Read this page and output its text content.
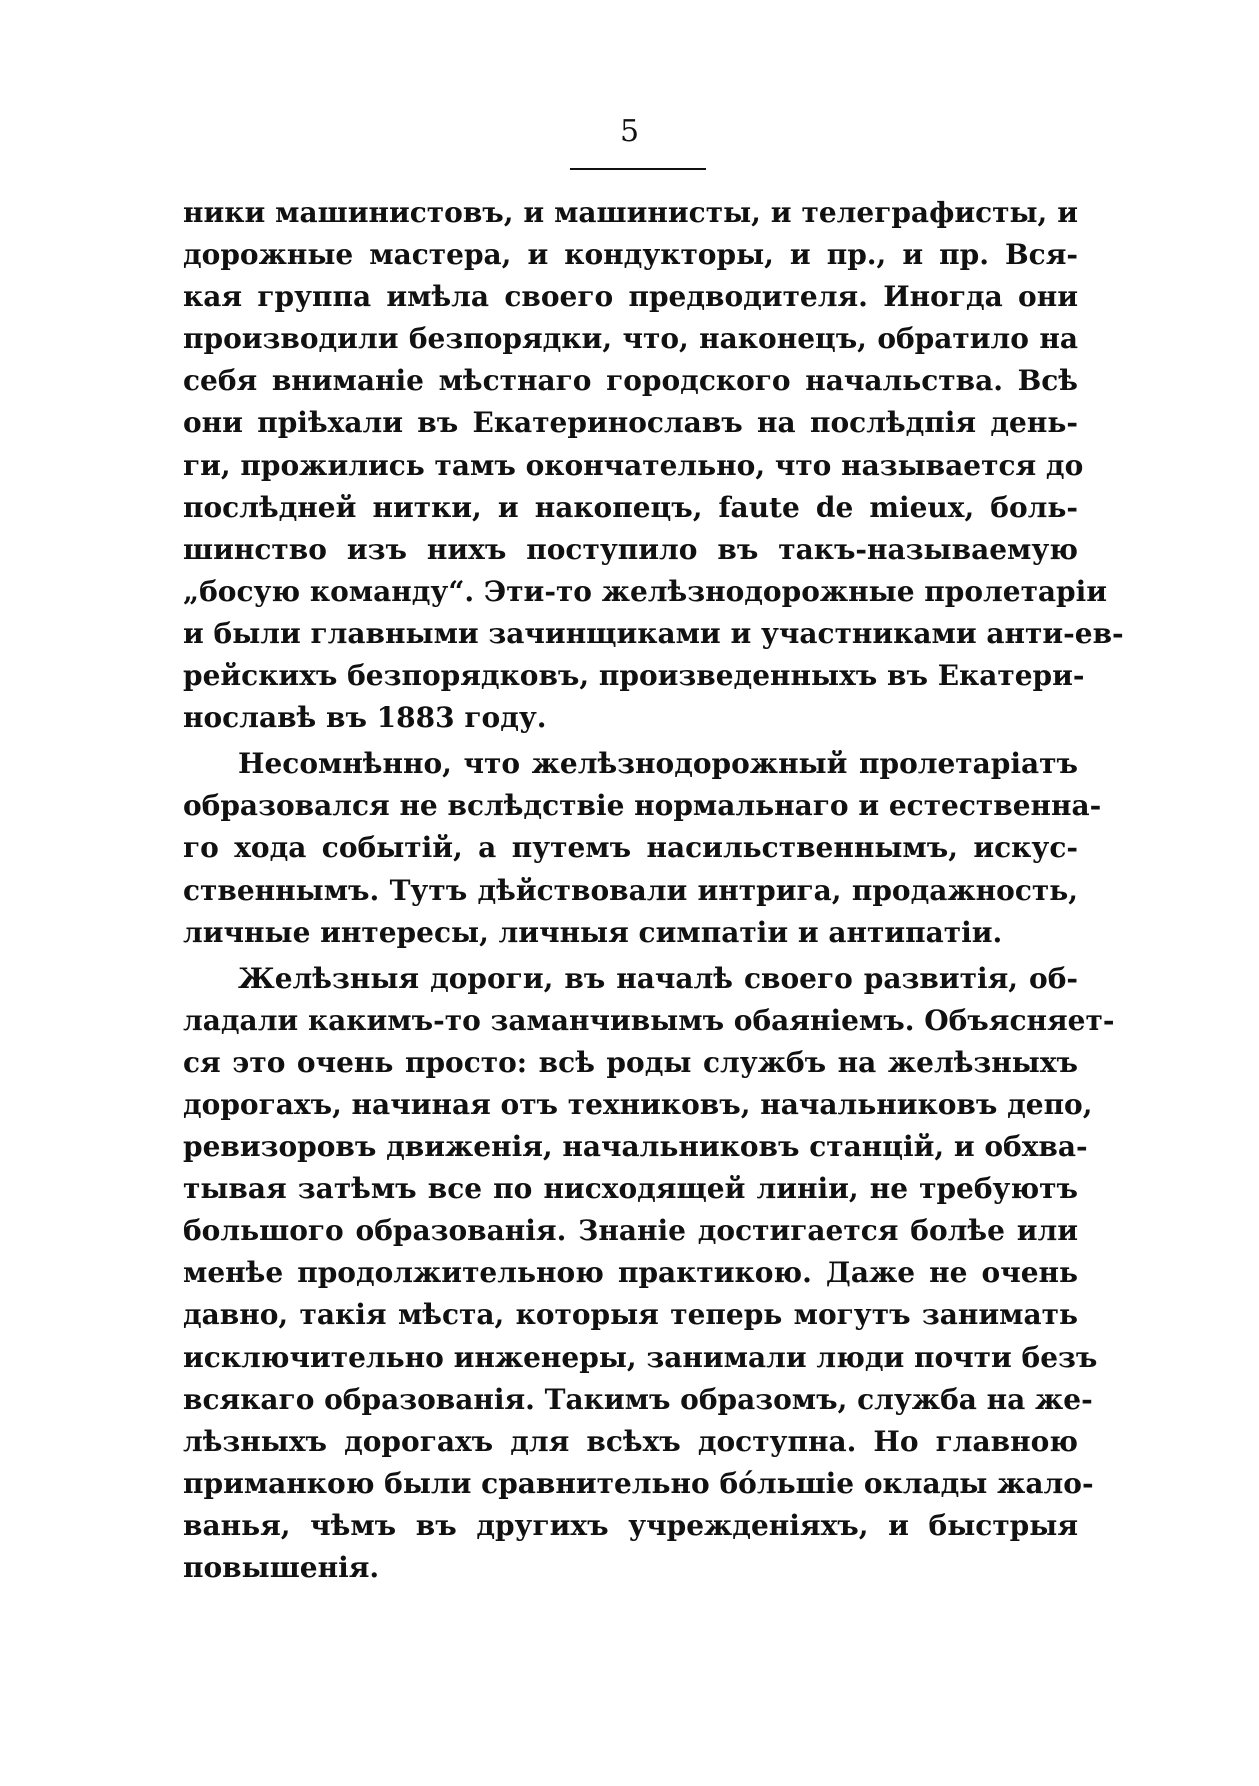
5
ники машинистовъ, и машинисты, и телеграфисты, и
дорожные мастера, и кондукторы, и пр., и пр. Вся-
кая группа имѣла своего предводителя. Иногда они
производили безпорядки, что, наконецъ, обратило на
себя вниманіе мѣстнаго городского начальства. Всѣ
они пріѣхали въ Екатеринославъ на послѣдпія день-
ги, прожились тамъ окончательно, что называется до
послѣдней нитки, и накопецъ, faute de mieux, боль-
шинство изъ нихъ поступило въ такъ-называемую
„босую команду“. Эти-то желѣзнодорожные пролетаріи
и были главными зачинщиками и участниками анти-ев-
рейскихъ безпорядковъ, произведенныхъ въ Екатери-
нославѣ въ 1883 году.
Несомнѣнно, что желѣзнодорожный пролетаріатъ
образовался не вслѣдствіе нормальнаго и естественна-
го хода событій, а путемъ насильственнымъ, искус-
ственнымъ. Тутъ дѣйствовали интрига, продажность,
личные интересы, личныя симпатіи и антипатіи.
Желѣзныя дороги, въ началѣ своего развитія, об-
ладали какимъ-то заманчивымъ обаяніемъ. Объясняет-
ся это очень просто: всѣ роды службъ на желѣзныхъ
дорогахъ, начиная отъ техниковъ, начальниковъ депо,
ревизоровъ движенія, начальниковъ станцій, и обхва-
тывая затѣмъ все по нисходящей линіи, не требуютъ
большого образованія. Знаніе достигается болѣе или
менѣе продолжительною практикою. Даже не очень
давно, такія мѣста, которыя теперь могутъ занимать
исключительно инженеры, занимали люди почти безъ
всякаго образованія. Такимъ образомъ, служба на же-
лѣзныхъ дорогахъ для всѣхъ доступна. Но главною
приманкою были сравнительно бо́льшіе оклады жало-
ванья, чѣмъ въ другихъ учрежденіяхъ, и быстрыя
повышенія.
